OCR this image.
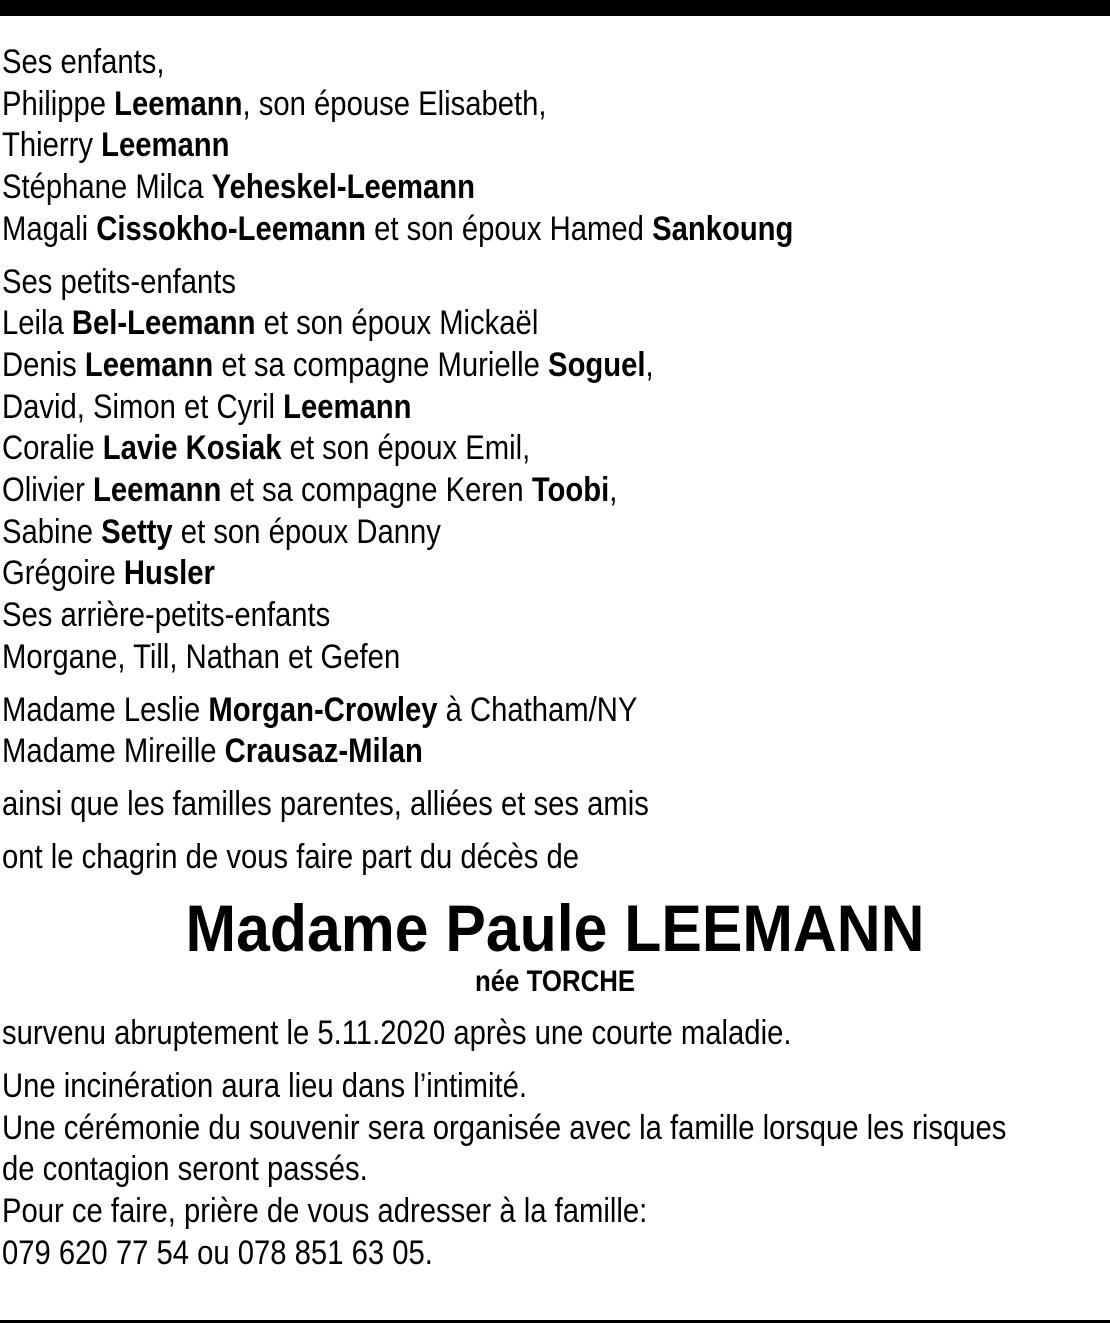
Ses enfants,
Philippe Leemann, son épouse Elisabeth,
Thierry Leemann
Stéphane Milca Yeheskel-Leemann
Magali Cissokho-Leemann et son époux Hamed Sankoung
Ses petits-enfants
Leila Bel-Leemann et son époux Mickaël
Denis Leemann et sa compagne Murielle Soguel,
David, Simon et Cyril Leemann
Coralie Lavie Kosiak et son époux Emil,
Olivier Leemann et sa compagne Keren Toobi,
Sabine Setty et son époux Danny
Grégoire Husler
Ses arrière-petits-enfants
Morgane, Till, Nathan et Gefen
Madame Leslie Morgan-Crowley à Chatham/NY
Madame Mireille Crausaz-Milan
ainsi que les familles parentes, alliées et ses amis
ont le chagrin de vous faire part du décès de
Madame Paule LEEMANN
née TORCHE
survenu abruptement le 5.11.2020 après une courte maladie.
Une incinération aura lieu dans l’intimité.
Une cérémonie du souvenir sera organisée avec la famille lorsque les risques
de contagion seront passés.
Pour ce faire, prière de vous adresser à la famille:
079 620 77 54 ou 078 851 63 05.
